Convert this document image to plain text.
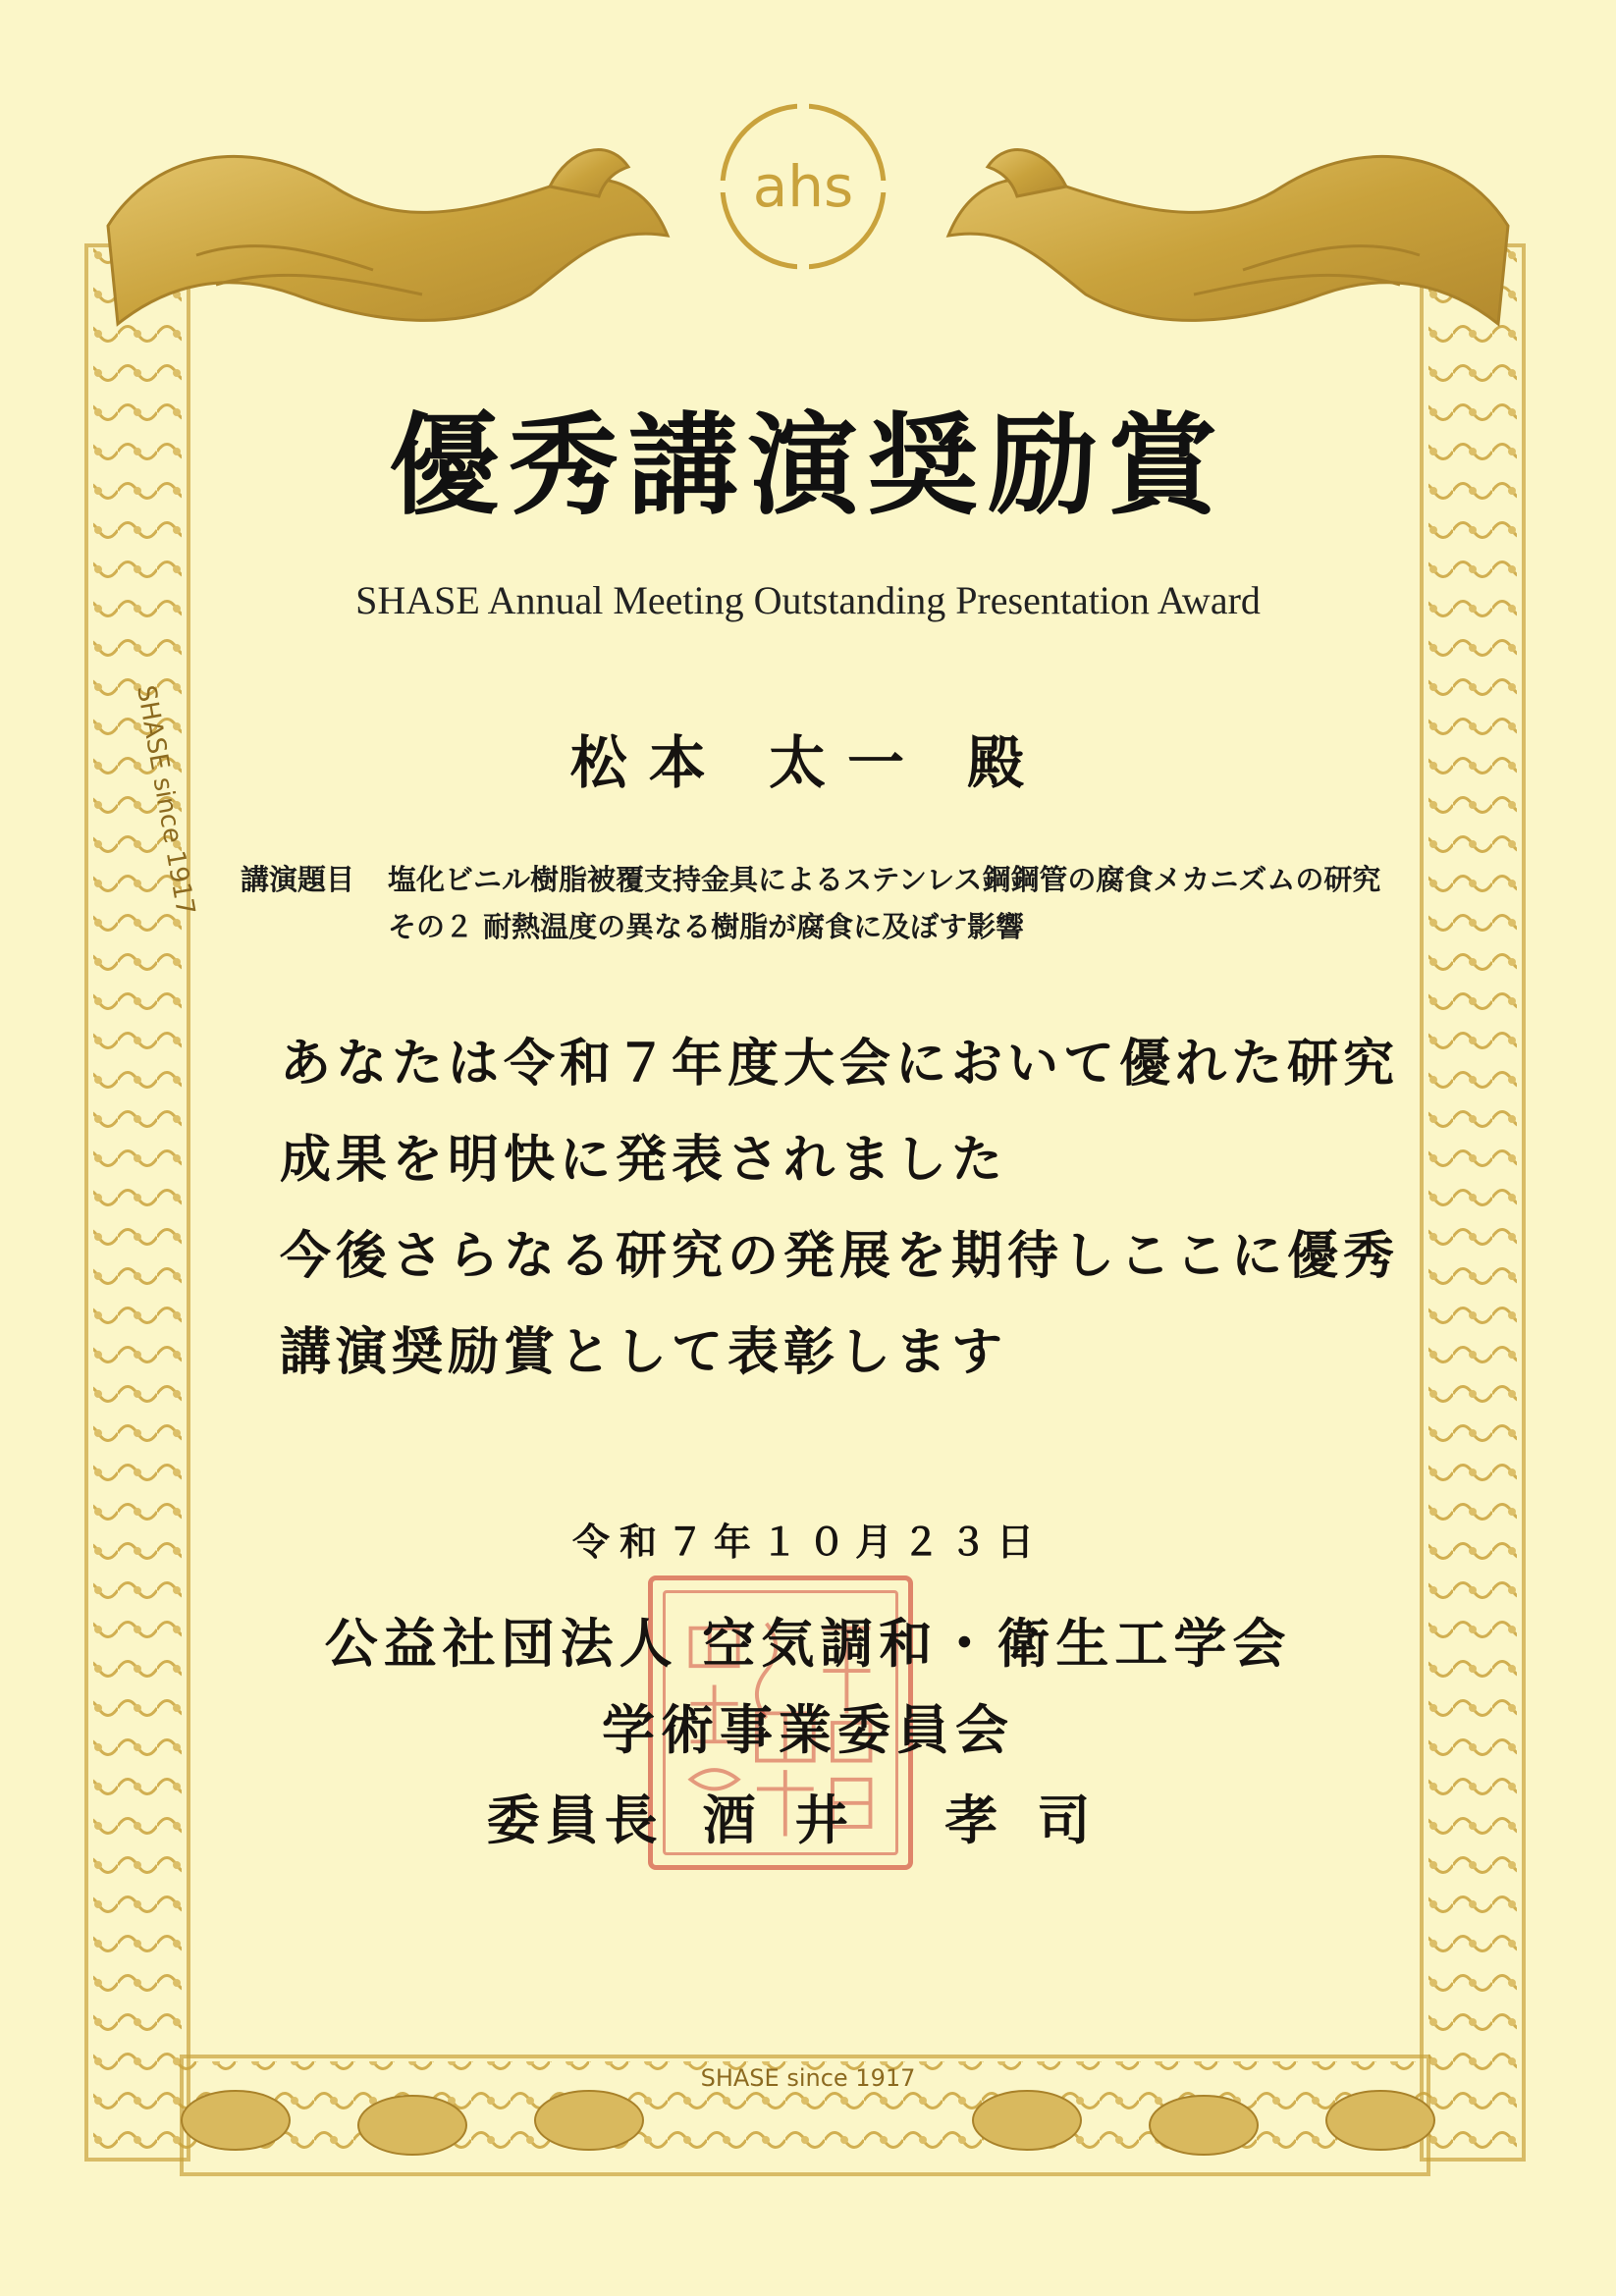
SHASE since 1917
SHASE since 1917
ahs
優秀講演奨励賞
SHASE Annual Meeting Outstanding Presentation Award
松本 太一 殿
講演題目 塩化ビニル樹脂被覆支持金具によるステンレス鋼鋼管の腐食メカニズムの研究
その２ 耐熱温度の異なる樹脂が腐食に及ぼす影響
あなたは令和７年度大会において優れた研究
成果を明快に発表されました
今後さらなる研究の発展を期待しここに優秀
講演奨励賞として表彰します
令和７年１０月２３日
公益社団法人 空気調和・衛生工学会
学術事業委員会
委員長 酒井 孝司
